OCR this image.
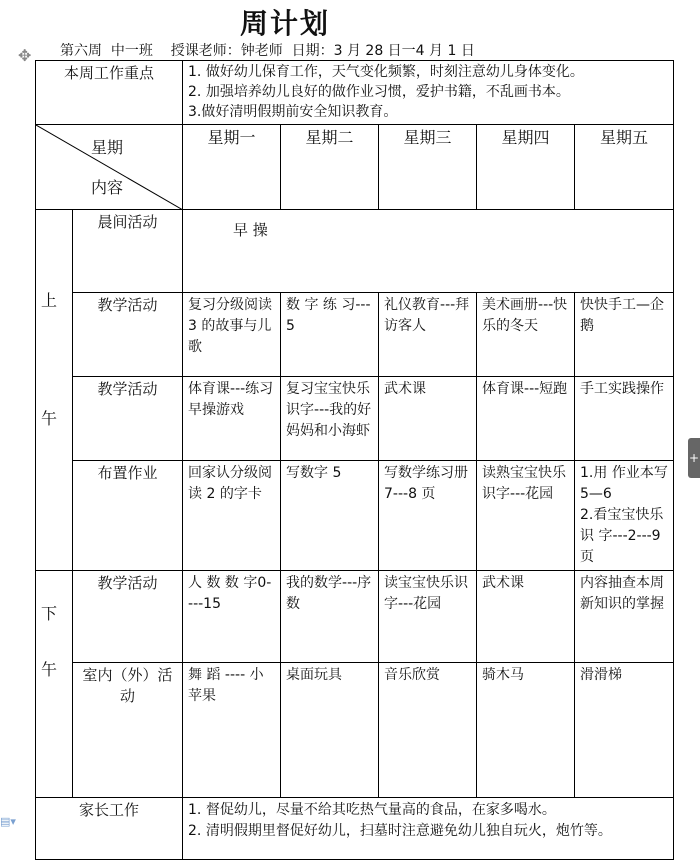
周计划
✥ 第六周  中一班    授课老师：钟老师  日期：3 月 28 日一4 月 1 日
本周工作重点		1. 做好幼儿保育工作，天气变化频繁，时刻注意幼儿身体变化。
2. 加强培养幼儿良好的做作业习惯，爱护书籍，不乱画书本。
3.做好清明假期前安全知识教育。				

星期
内容		星期一	星期二	星期三	星期四	星期五

上
午	晨间活动	早 操				
	教学活动	复习分级阅读 3 的故事与儿歌	数 字 练 习---5	礼仪教育---拜访客人	美术画册---快乐的冬天	快快手工—企鹅
	教学活动	体育课---练习早操游戏	复习宝宝快乐识字---我的好妈妈和小海虾	武术课	体育课---短跑	手工实践操作
	布置作业	回家认分级阅读 2 的字卡	写数字 5	写数学练习册 7---8 页	读熟宝宝快乐识字---花园	1.用 作业本写 5—6
2.看宝宝快乐 识 字---2---9 页

下
午	教学活动	人 数 数 字0----15	我的数学---序数	读宝宝快乐识字---花园	武术课	内容抽查本周新知识的掌握
	室内（外）活动	舞 蹈 ---- 小苹果	桌面玩具	音乐欣赏	骑木马	滑滑梯
家长工作		1. 督促幼儿，尽量不给其吃热气量高的食品，在家多喝水。
2. 清明假期里督促好幼儿，扫墓时注意避免幼儿独自玩火，炮竹等。				
+
▤▾
